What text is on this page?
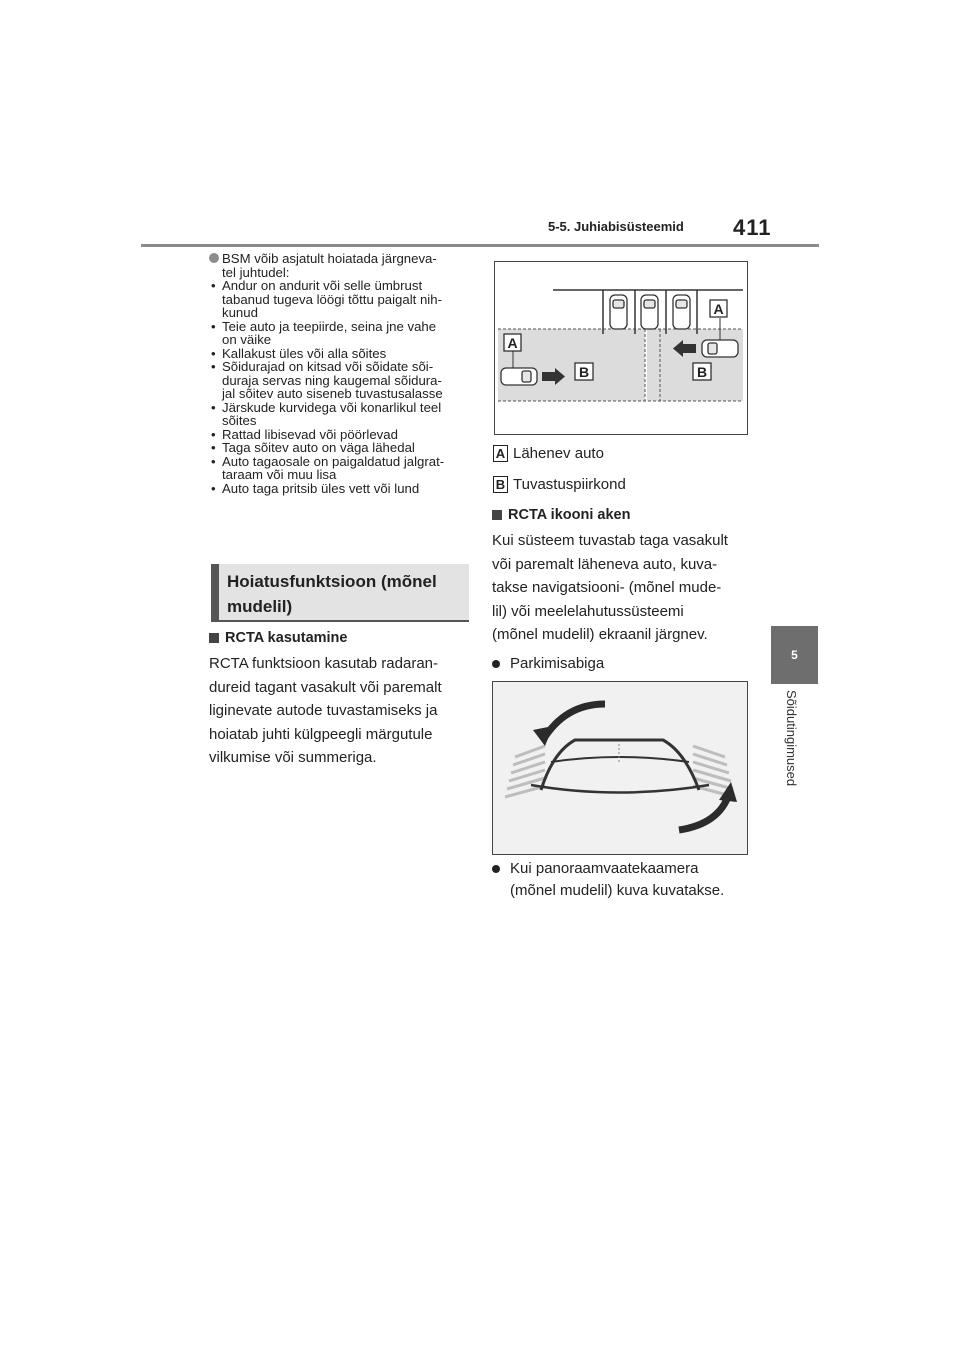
5-5. Juhiabisüsteemid 411
5
Sõidutingimused
BSM võib asjatult hoiatada järgneva-
tel juhtudel:
• Andur on andurit või selle ümbrust
tabanud tugeva löögi tõttu paigalt nih-
kunud
• Teie auto ja teepiirde, seina jne vahe
on väike
• Kallakust üles või alla sõites
• Sõidurajad on kitsad või sõidate sõi-
duraja servas ning kaugemal sõidura-
jal sõitev auto siseneb tuvastusalasse
• Järskude kurvidega või konarlikul teel
sõites
• Rattad libisevad või pöörlevad
• Taga sõitev auto on väga lähedal
• Auto tagaosale on paigaldatud jalgrat-
taraam või muu lisa
• Auto taga pritsib üles vett või lund
Hoiatusfunktsioon (mõnel
mudelil)
RCTA kasutamine
RCTA funktsioon kasutab radaran-
dureid tagant vasakult või paremalt
liginevate autode tuvastamiseks ja
hoiatab juhti külgpeegli märgutule
vilkumise või summeriga.
A
A
B	B
A Lähenev auto
B Tuvastuspiirkond
RCTA ikooni aken
Kui süsteem tuvastab taga vasakult
või paremalt läheneva auto, kuva-
takse navigatsiooni- (mõnel mude-
lil) või meelelahutussüsteemi
(mõnel mudelil) ekraanil järgnev.
Parkimisabiga
Kui panoraamvaatekaamera
(mõnel mudelil) kuva kuvatakse.
